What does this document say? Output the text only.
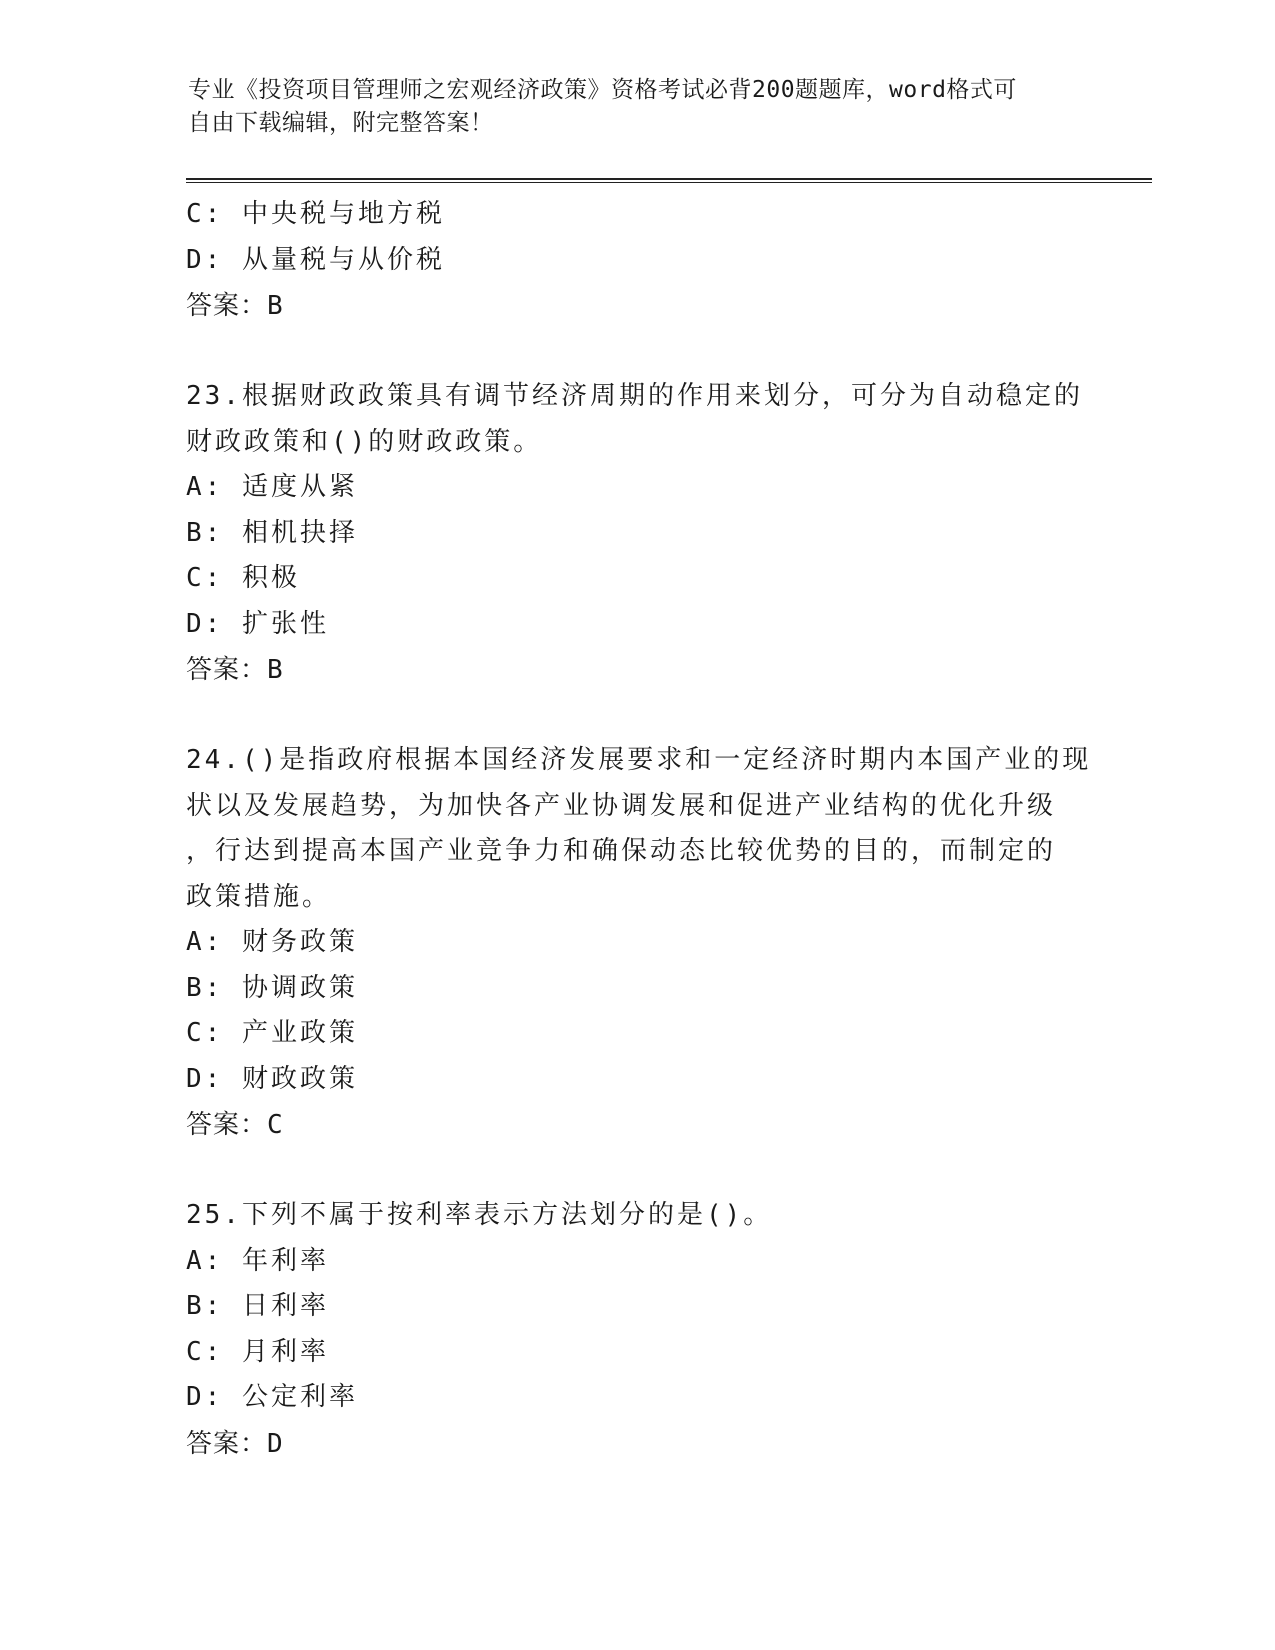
专业《投资项目管理师之宏观经济政策》资格考试必背200题题库，word格式可
自由下载编辑，附完整答案！
C: 中央税与地方税
D: 从量税与从价税
答案：B
23.根据财政政策具有调节经济周期的作用来划分，可分为自动稳定的
财政政策和()的财政政策。
A: 适度从紧
B: 相机抉择
C: 积极
D: 扩张性
答案：B
24.()是指政府根据本国经济发展要求和一定经济时期内本国产业的现
状以及发展趋势，为加快各产业协调发展和促进产业结构的优化升级
，行达到提高本国产业竞争力和确保动态比较优势的目的，而制定的
政策措施。
A: 财务政策
B: 协调政策
C: 产业政策
D: 财政政策
答案：C
25.下列不属于按利率表示方法划分的是()。
A: 年利率
B: 日利率
C: 月利率
D: 公定利率
答案：D
